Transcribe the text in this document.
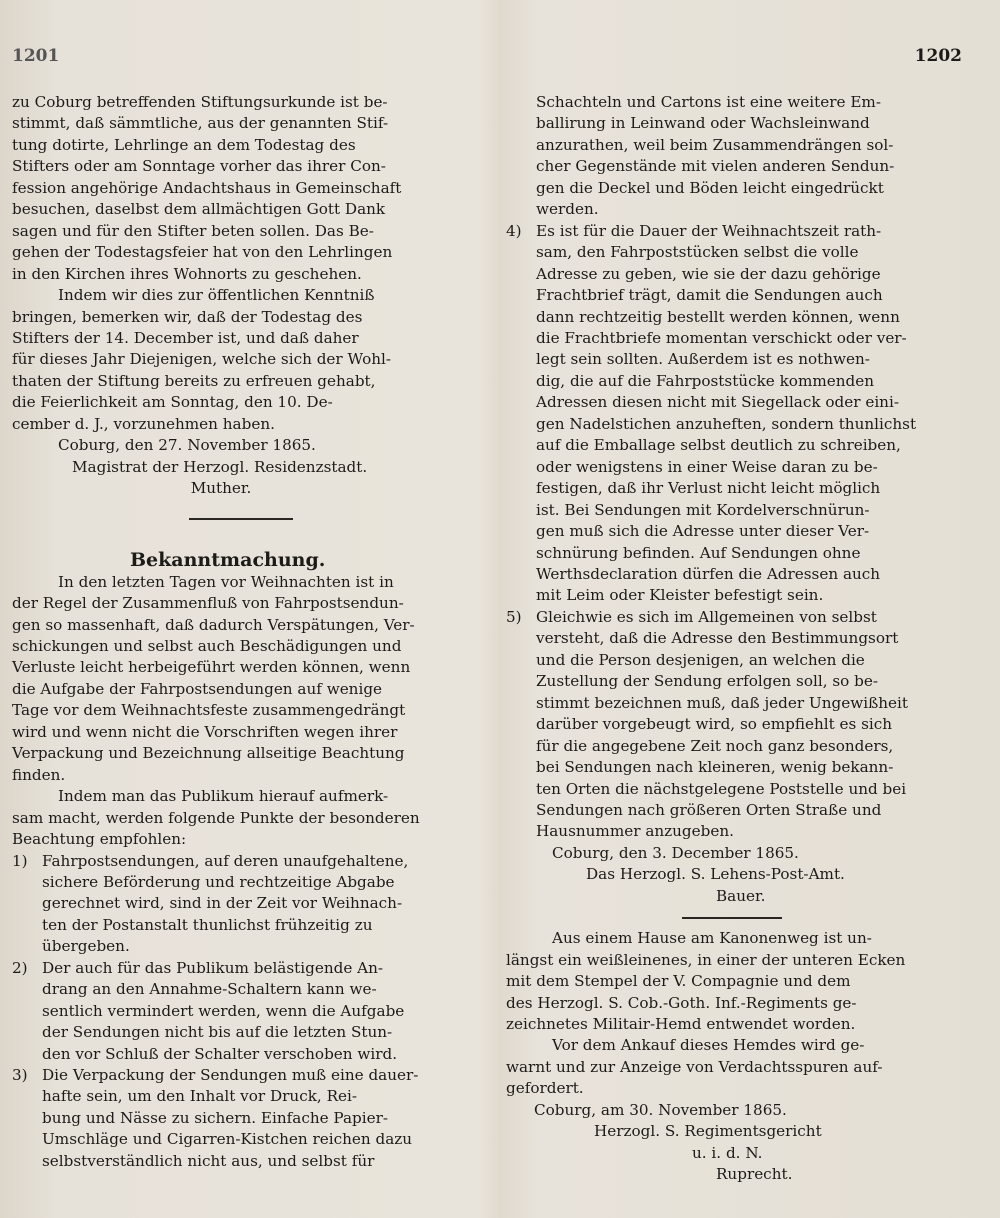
1201	1202

zu Coburg betreffenden Stiftungsurkunde ist be-
stimmt, daß sämmtliche, aus der genannten Stif-
tung dotirte, Lehrlinge an dem Todestag des
Stifters oder am Sonntage vorher das ihrer Con-
fession angehörige Andachtshaus in Gemeinschaft
besuchen, daselbst dem allmächtigen Gott Dank
sagen und für den Stifter beten sollen. Das Be-
gehen der Todestagsfeier hat von den Lehrlingen
in den Kirchen ihres Wohnorts zu geschehen.
Indem wir dies zur öffentlichen Kenntniß
bringen, bemerken wir, daß der Todestag des
Stifters der 14. December ist, und daß daher
für dieses Jahr Diejenigen, welche sich der Wohl-
thaten der Stiftung bereits zu erfreuen gehabt,
die Feierlichkeit am Sonntag, den 10. De-
cember d. J., vorzunehmen haben.

Coburg, den 27. November 1865.

Magistrat der Herzogl. Residenzstadt.

Muther.

Bekanntmachung.

In den letzten Tagen vor Weihnachten ist in
der Regel der Zusammenfluß von Fahrpostsendun-
gen so massenhaft, daß dadurch Verspätungen, Ver-
schickungen und selbst auch Beschädigungen und
Verluste leicht herbeigeführt werden können, wenn
die Aufgabe der Fahrpostsendungen auf wenige
Tage vor dem Weihnachtsfeste zusammengedrängt
wird und wenn nicht die Vorschriften wegen ihrer
Verpackung und Bezeichnung allseitige Beachtung
finden.
Indem man das Publikum hierauf aufmerk-
sam macht, werden folgende Punkte der besonderen
Beachtung empfohlen:

1) Fahrpostsendungen, auf deren unaufgehaltene,
sichere Beförderung und rechtzeitige Abgabe
gerechnet wird, sind in der Zeit vor Weihnach-
ten der Postanstalt thunlichst frühzeitig zu
übergeben.
2) Der auch für das Publikum belästigende An-
drang an den Annahme-Schaltern kann we-
sentlich vermindert werden, wenn die Aufgabe
der Sendungen nicht bis auf die letzten Stun-
den vor Schluß der Schalter verschoben wird.
3) Die Verpackung der Sendungen muß eine dauer-
hafte sein, um den Inhalt vor Druck, Rei-
bung und Nässe zu sichern. Einfache Papier-
Umschläge und Cigarren-Kistchen reichen dazu
selbstverständlich nicht aus, und selbst für
Schachteln und Cartons ist eine weitere Em-
ballirung in Leinwand oder Wachsleinwand
anzurathen, weil beim Zusammendrängen sol-
cher Gegenstände mit vielen anderen Sendun-
gen die Deckel und Böden leicht eingedrückt
werden.
4) Es ist für die Dauer der Weihnachtszeit rath-
sam, den Fahrpoststücken selbst die volle
Adresse zu geben, wie sie der dazu gehörige
Frachtbrief trägt, damit die Sendungen auch
dann rechtzeitig bestellt werden können, wenn
die Frachtbriefe momentan verschickt oder ver-
legt sein sollten. Außerdem ist es nothwen-
dig, die auf die Fahrpoststücke kommenden
Adressen diesen nicht mit Siegellack oder eini-
gen Nadelstichen anzuheften, sondern thunlichst
auf die Emballage selbst deutlich zu schreiben,
oder wenigstens in einer Weise daran zu be-
festigen, daß ihr Verlust nicht leicht möglich
ist. Bei Sendungen mit Kordelverschnürun-
gen muß sich die Adresse unter dieser Ver-
schnürung befinden. Auf Sendungen ohne
Werthsdeclaration dürfen die Adressen auch
mit Leim oder Kleister befestigt sein.
5) Gleichwie es sich im Allgemeinen von selbst
versteht, daß die Adresse den Bestimmungsort
und die Person desjenigen, an welchen die
Zustellung der Sendung erfolgen soll, so be-
stimmt bezeichnen muß, daß jeder Ungewißheit
darüber vorgebeugt wird, so empfiehlt es sich
für die angegebene Zeit noch ganz besonders,
bei Sendungen nach kleineren, wenig bekann-
ten Orten die nächstgelegene Poststelle und bei
Sendungen nach größeren Orten Straße und
Hausnummer anzugeben.

Coburg, den 3. December 1865.

Das Herzogl. S. Lehens-Post-Amt.

Bauer.

Aus einem Hause am Kanonenweg ist un-
längst ein weißleinenes, in einer der unteren Ecken
mit dem Stempel der V. Compagnie und dem
des Herzogl. S. Cob.-Goth. Inf.-Regiments ge-
zeichnetes Militair-Hemd entwendet worden.
Vor dem Ankauf dieses Hemdes wird ge-
warnt und zur Anzeige von Verdachtsspuren auf-
gefordert.

Coburg, am 30. November 1865.

Herzogl. S. Regimentsgericht

u. i. d. N.

Ruprecht.
